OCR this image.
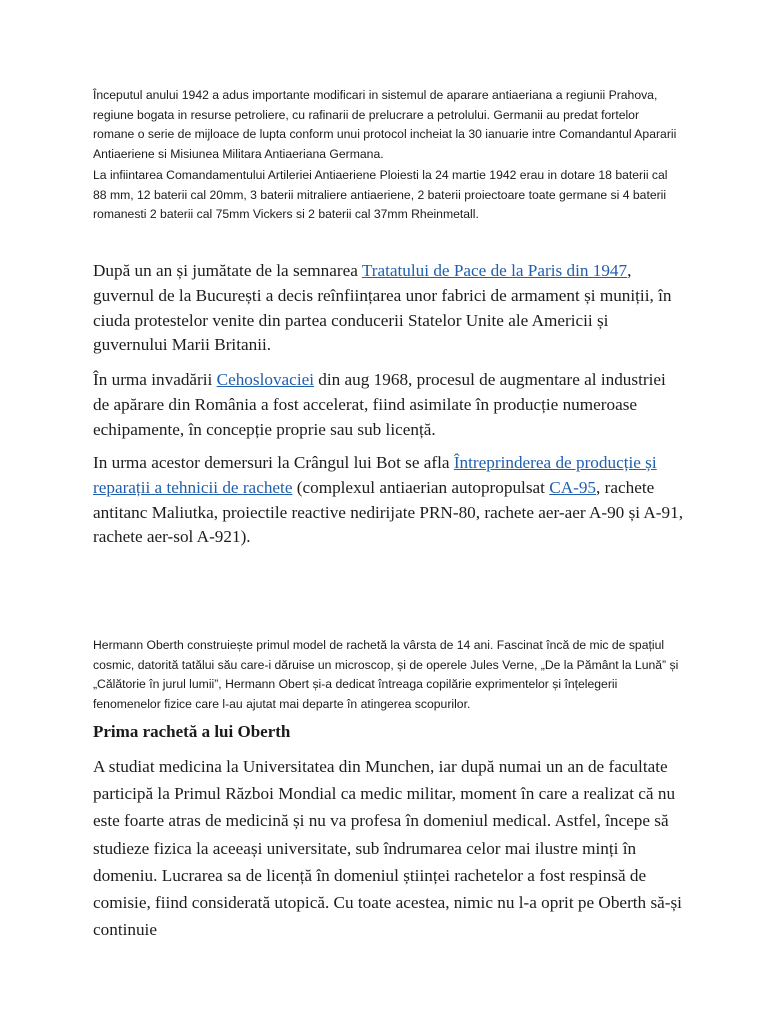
Începutul anului 1942 a adus importante modificari in sistemul de aparare antiaeriana a regiunii Prahova, regiune bogata in resurse petroliere, cu rafinarii de prelucrare a petrolului. Germanii au predat fortelor romane o serie de mijloace de lupta conform unui protocol incheiat la 30 ianuarie intre Comandantul Apararii Antiaeriene si Misiunea Militara Antiaeriana Germana.

La infiintarea Comandamentului Artileriei Antiaeriene Ploiesti la 24 martie 1942 erau in dotare 18 baterii cal 88 mm, 12 baterii cal 20mm, 3 baterii mitraliere antiaeriene, 2 baterii proiectoare toate germane si 4 baterii romanesti 2 baterii cal 75mm Vickers si 2 baterii cal 37mm Rheinmetall.

După un an și jumătate de la semnarea Tratatului de Pace de la Paris din 1947, guvernul de la București a decis reînființarea unor fabrici de armament și muniții, în ciuda protestelor venite din partea conducerii Statelor Unite ale Americii și guvernului Marii Britanii.

În urma invadării Cehoslovaciei din aug 1968, procesul de augmentare al industriei de apărare din România a fost accelerat, fiind asimilate în producție numeroase echipamente, în concepție proprie sau sub licență.

In urma acestor demersuri la Crângul lui Bot se afla Întreprinderea de producție și reparații a tehnicii de rachete (complexul antiaerian autopropulsat CA-95, rachete antitanc Maliutka, proiectile reactive nedirijate PRN-80, rachete aer-aer A-90 și A-91, rachete aer-sol A-921).

Hermann Oberth construiește primul model de rachetă la vârsta de 14 ani. Fascinat încă de mic de spațiul cosmic, datorită tatălui său care-i dăruise un microscop, și de operele Jules Verne, „De la Pământ la Lună” și „Călătorie în jurul lumii”, Hermann Obert și-a dedicat întreaga copilărie exprimentelor și înțelegerii fenomenelor fizice care l-au ajutat mai departe în atingerea scopurilor.

Prima rachetă a lui Oberth

A studiat medicina la Universitatea din Munchen, iar după numai un an de facultate participă la Primul Război Mondial ca medic militar, moment în care a realizat că nu este foarte atras de medicină și nu va profesa în domeniul medical. Astfel, începe să studieze fizica la aceeași universitate, sub îndrumarea celor mai ilustre minți în domeniu. Lucrarea sa de licență în domeniul științei rachetelor a fost respinsă de comisie, fiind considerată utopică. Cu toate acestea, nimic nu l-a oprit pe Oberth să-și continuie
